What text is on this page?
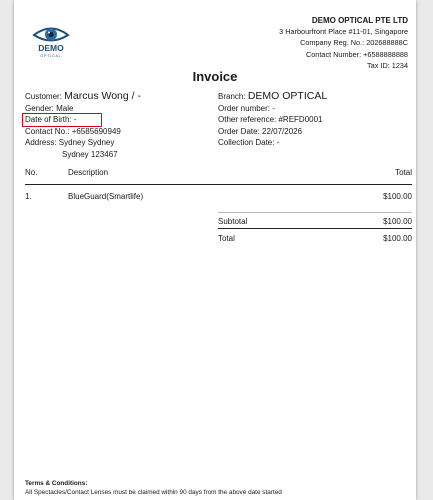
DEMO
OPTICAL
DEMO OPTICAL PTE LTD
3 Harbourfront Place #11-01, Singapore
Company Reg. No.: 202688888C
Contact Number: +6588888888
Tax ID: 1234
Invoice
Customer: Marcus Wong / -
Gender: Male
Date of Birth: -
Contact No.: +6585690949
Address: Sydney Sydney
Sydney 123467
Branch: DEMO OPTICAL
Order number: -
Other reference: #REFD0001
Order Date: 22/07/2026
Collection Date: -
No.	Description	Total
1.	BlueGuard(Smartlife)	$100.00
Subtotal	$100.00
Total	$100.00
Terms & Conditions:
All Spectacles/Contact Lenses must be claimed within 90 days from the above date started
